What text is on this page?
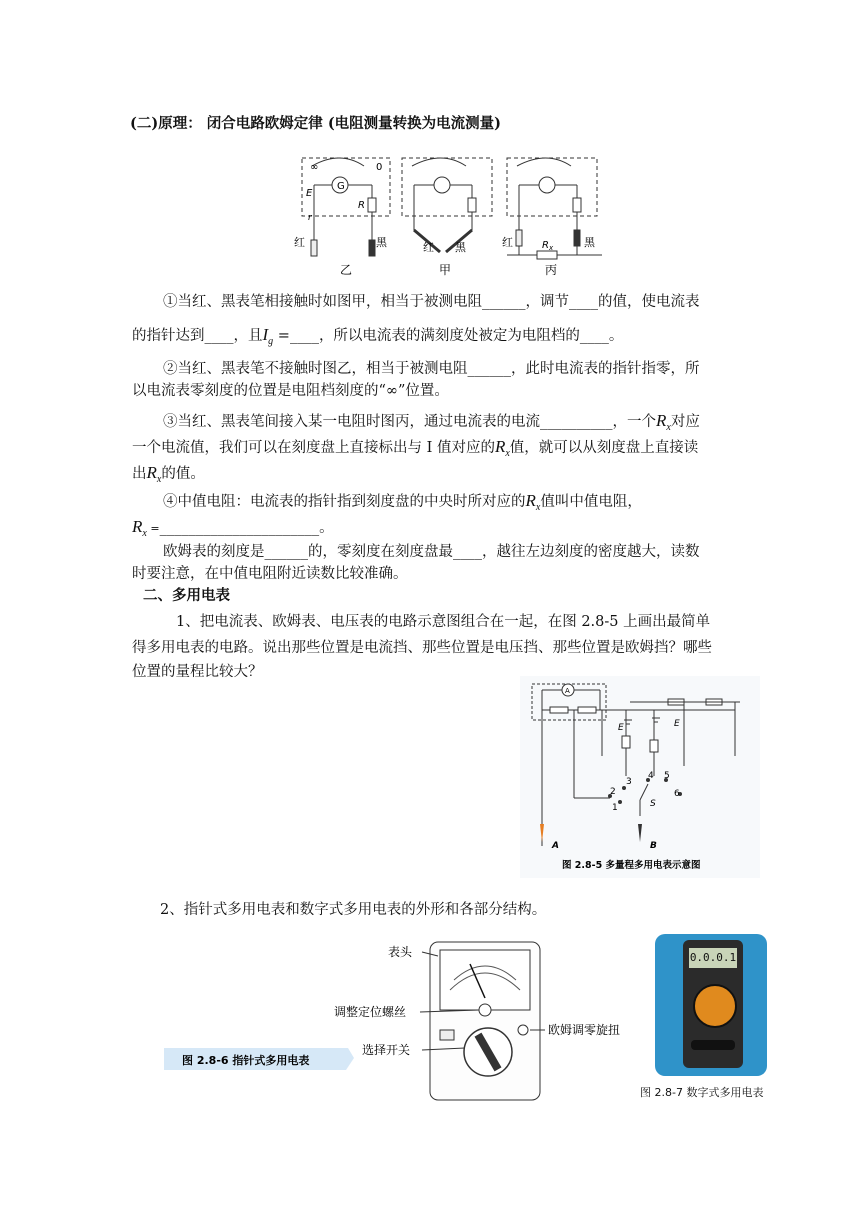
(二)原理： 闭合电路欧姆定律 (电阻测量转换为电流测量)
∞	0
G
E
R
r
红	黑	红 黑	红	黑
$R_x$
乙	甲	丙
①当红、黑表笔相接触时如图甲，相当于被测电阻______，调节____的值，使电流表
的指针达到____，且$I_g$ =____，所以电流表的满刻度处被定为电阻档的____。
②当红、黑表笔不接触时图乙，相当于被测电阻______，此时电流表的指针指零，所
以电流表零刻度的位置是电阻档刻度的“∞”位置。
③当红、黑表笔间接入某一电阻时图丙，通过电流表的电流__________，一个$R_x$对应
一个电流值，我们可以在刻度盘上直接标出与 I 值对应的$R_x$值，就可以从刻度盘上直接读
出$R_x$的值。
④中值电阻：电流表的指针指到刻度盘的中央时所对应的$R_x$值叫中值电阻，
$R_x$ =______________________。
欧姆表的刻度是______的，零刻度在刻度盘最____，越往左边刻度的密度越大，读数
时要注意，在中值电阻附近读数比较准确。
二、多用电表
1、把电流表、欧姆表、电压表的电路示意图组合在一起，在图 2.8-5 上画出最简单
得多用电表的电路。说出那些位置是电流挡、那些位置是电压挡、那些位置是欧姆挡？哪些
位置的量程比较大？
A
E
E
1
2
3
4 5
6
S
A	B
图 2.8-5 多量程多用电表示意图
2、指针式多用电表和数字式多用电表的外形和各部分结构。
表头
调整定位螺丝
选择开关
欧姆调零旋扭
图 2.8-6 指针式多用电表
0.0.0.1
图 2.8-7 数字式多用电表
